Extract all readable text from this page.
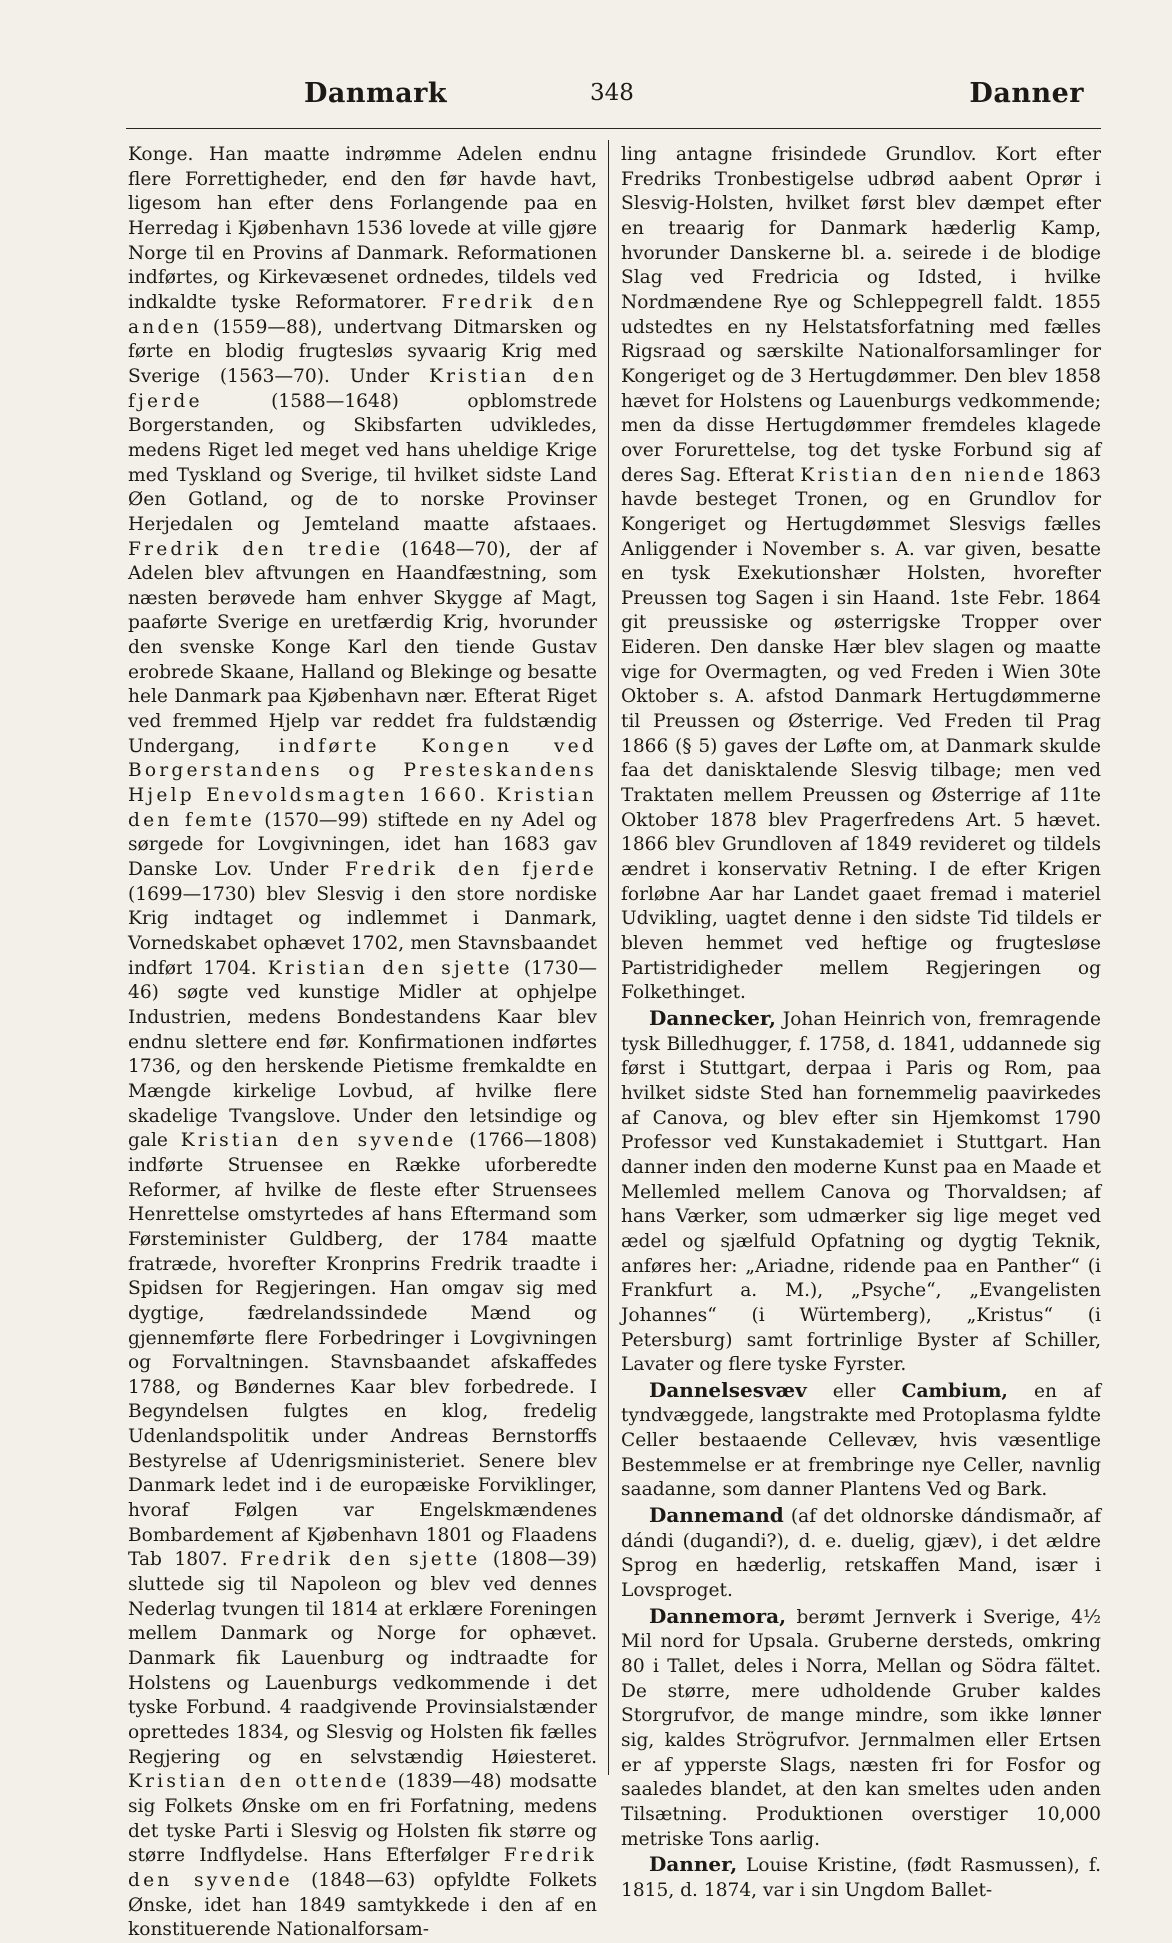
Danmark	348	Danner

Konge. Han maatte indrømme Adelen endnu flere Forrettigheder, end den før havde havt, ligesom han efter dens Forlangende paa en Herredag i Kjøbenhavn 1536 lovede at ville gjøre Norge til en Provins af Danmark. Reformationen indførtes, og Kirkevæsenet ordnedes, tildels ved indkaldte tyske Reformatorer. Fredrik den anden (1559—88), undertvang Ditmarsken og førte en blodig frugtesløs syvaarig Krig med Sverige (1563—70). Under Kristian den fjerde (1588—1648) opblomstrede Borgerstanden, og Skibsfarten udvikledes, medens Riget led meget ved hans uheldige Krige med Tyskland og Sverige, til hvilket sidste Land Øen Gotland, og de to norske Provinser Herjedalen og Jemteland maatte afstaaes. Fredrik den tredie (1648—70), der af Adelen blev aftvungen en Haandfæstning, som næsten berøvede ham enhver Skygge af Magt, paaførte Sverige en uretfærdig Krig, hvorunder den svenske Konge Karl den tiende Gustav erobrede Skaane, Halland og Blekinge og besatte hele Danmark paa Kjøbenhavn nær. Efterat Riget ved fremmed Hjelp var reddet fra fuldstændig Undergang, indførte Kongen ved Borgerstandens og Presteskandens Hjelp Enevoldsmagten 1660. Kristian den femte (1570—99) stiftede en ny Adel og sørgede for Lovgivningen, idet han 1683 gav Danske Lov. Under Fredrik den fjerde (1699—1730) blev Slesvig i den store nordiske Krig indtaget og indlemmet i Danmark, Vornedskabet ophævet 1702, men Stavnsbaandet indført 1704. Kristian den sjette (1730—46) søgte ved kunstige Midler at ophjelpe Industrien, medens Bondestandens Kaar blev endnu slettere end før. Konfirmationen indførtes 1736, og den herskende Pietisme fremkaldte en Mængde kirkelige Lovbud, af hvilke flere skadelige Tvangslove. Under den letsindige og gale Kristian den syvende (1766—1808) indførte Struensee en Række uforberedte Reformer, af hvilke de fleste efter Struensees Henrettelse omstyrtedes af hans Eftermand som Førsteminister Guldberg, der 1784 maatte fratræde, hvorefter Kronprins Fredrik traadte i Spidsen for Regjeringen. Han omgav sig med dygtige, fædrelandssindede Mænd og gjennemførte flere Forbedringer i Lovgivningen og Forvaltningen. Stavnsbaandet afskaffedes 1788, og Bøndernes Kaar blev forbedrede. I Begyndelsen fulgtes en klog, fredelig Udenlandspolitik under Andreas Bernstorffs Bestyrelse af Udenrigsministeriet. Senere blev Danmark ledet ind i de europæiske Forviklinger, hvoraf Følgen var Engelskmændenes Bombardement af Kjøbenhavn 1801 og Flaadens Tab 1807. Fredrik den sjette (1808—39) sluttede sig til Napoleon og blev ved dennes Nederlag tvungen til 1814 at erklære Foreningen mellem Danmark og Norge for ophævet. Danmark fik Lauenburg og indtraadte for Holstens og Lauenburgs vedkommende i det tyske Forbund. 4 raadgivende Provinsialstænder oprettedes 1834, og Slesvig og Holsten fik fælles Regjering og en selvstændig Høiesteret. Kristian den ottende (1839—48) modsatte sig Folkets Ønske om en fri Forfatning, medens det tyske Parti i Slesvig og Holsten fik større og større Indflydelse. Hans Efterfølger Fredrik den syvende (1848—63) opfyldte Folkets Ønske, idet han 1849 samtykkede i den af en konstituerende Nationalforsam-

ling antagne frisindede Grundlov. Kort efter Fredriks Tronbestigelse udbrød aabent Oprør i Slesvig-Holsten, hvilket først blev dæmpet efter en treaarig for Danmark hæderlig Kamp, hvorunder Danskerne bl. a. seirede i de blodige Slag ved Fredricia og Idsted, i hvilke Nordmændene Rye og Schleppegrell faldt. 1855 udstedtes en ny Helstatsforfatning med fælles Rigsraad og særskilte Nationalforsamlinger for Kongeriget og de 3 Hertugdømmer. Den blev 1858 hævet for Holstens og Lauenburgs vedkommende; men da disse Hertugdømmer fremdeles klagede over Forurettelse, tog det tyske Forbund sig af deres Sag. Efterat Kristian den niende 1863 havde besteget Tronen, og en Grundlov for Kongeriget og Hertugdømmet Slesvigs fælles Anliggender i November s. A. var given, besatte en tysk Exekutionshær Holsten, hvorefter Preussen tog Sagen i sin Haand. 1ste Febr. 1864 git preussiske og østerrigske Tropper over Eideren. Den danske Hær blev slagen og maatte vige for Overmagten, og ved Freden i Wien 30te Oktober s. A. afstod Danmark Hertugdømmerne til Preussen og Østerrige. Ved Freden til Prag 1866 (§ 5) gaves der Løfte om, at Danmark skulde faa det danisktalende Slesvig tilbage; men ved Traktaten mellem Preussen og Østerrige af 11te Oktober 1878 blev Pragerfredens Art. 5 hævet. 1866 blev Grundloven af 1849 revideret og tildels ændret i konservativ Retning. I de efter Krigen forløbne Aar har Landet gaaet fremad i materiel Udvikling, uagtet denne i den sidste Tid tildels er bleven hemmet ved heftige og frugtesløse Partistridigheder mellem Regjeringen og Folkethinget.

Dannecker, Johan Heinrich von, fremragende tysk Billedhugger, f. 1758, d. 1841, uddannede sig først i Stuttgart, derpaa i Paris og Rom, paa hvilket sidste Sted han fornemmelig paavirkedes af Canova, og blev efter sin Hjemkomst 1790 Professor ved Kunstakademiet i Stuttgart. Han danner inden den moderne Kunst paa en Maade et Mellemled mellem Canova og Thorvaldsen; af hans Værker, som udmærker sig lige meget ved ædel og sjælfuld Opfatning og dygtig Teknik, anføres her: „Ariadne, ridende paa en Panther“ (i Frankfurt a. M.), „Psyche“, „Evangelisten Johannes“ (i Würtemberg), „Kristus“ (i Petersburg) samt fortrinlige Byster af Schiller, Lavater og flere tyske Fyrster.

Dannelsesvæv eller Cambium, en af tyndvæggede, langstrakte med Protoplasma fyldte Celler bestaaende Cellevæv, hvis væsentlige Bestemmelse er at frembringe nye Celler, navnlig saadanne, som danner Plantens Ved og Bark.

Dannemand (af det oldnorske dándismaðr, af dándi (dugandi?), d. e. duelig, gjæv), i det ældre Sprog en hæderlig, retskaffen Mand, især i Lovsproget.

Dannemora, berømt Jernverk i Sverige, 4½ Mil nord for Upsala. Gruberne dersteds, omkring 80 i Tallet, deles i Norra, Mellan og Södra fältet. De større, mere udholdende Gruber kaldes Storgrufvor, de mange mindre, som ikke lønner sig, kaldes Strögrufvor. Jernmalmen eller Ertsen er af ypperste Slags, næsten fri for Fosfor og saaledes blandet, at den kan smeltes uden anden Tilsætning. Produktionen overstiger 10,000 metriske Tons aarlig.

Danner, Louise Kristine, (født Rasmussen), f. 1815, d. 1874, var i sin Ungdom Ballet-
